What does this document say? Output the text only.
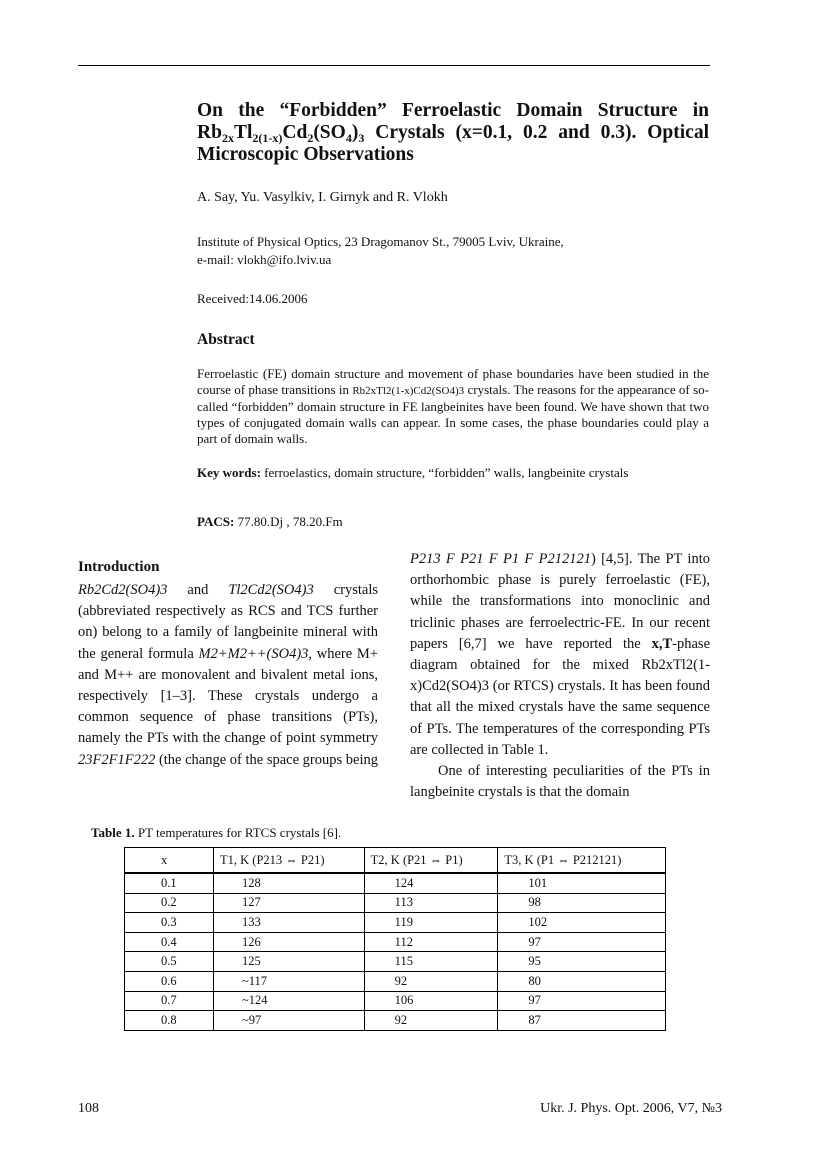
On the “Forbidden” Ferroelastic Domain Structure in $Rb_{2x}Tl_{2(1-x)}Cd_2(SO_4)_3$ Crystals (x=0.1, 0.2 and 0.3). Optical Microscopic Observations
A. Say, Yu. Vasylkiv, I. Girnyk and R. Vlokh
Institute of Physical Optics, 23 Dragomanov St., 79005 Lviv, Ukraine,
e-mail: vlokh@ifo.lviv.ua
Received:14.06.2006
Abstract
Ferroelastic (FE) domain structure and movement of phase boundaries have been studied in the course of phase transitions in Rb2xTl2(1-x)Cd2(SO4)3 crystals. The reasons for the appearance of so-called “forbidden” domain structure in FE langbeinites have been found. We have shown that two types of conjugated domain walls can appear. In some cases, the phase boundaries could play a part of domain walls.
Key words: ferroelastics, domain structure, “forbidden” walls, langbeinite crystals
PACS: 77.80.Dj , 78.20.Fm
Introduction
Rb2Cd2(SO4)3 and Tl2Cd2(SO4)3 crystals (abbreviated respectively as RCS and TCS further on) belong to a family of langbeinite mineral with the general formula M2+M2++(SO4)3, where M+ and M++ are monovalent and bivalent metal ions, respectively [1–3]. These crystals undergo a common sequence of phase transitions (PTs), namely the PTs with the change of point symmetry 23F2F1F222 (the change of the space groups being
P213 F P21 F P1 F P212121) [4,5]. The PT into orthorhombic phase is purely ferroelastic (FE), while the transformations into monoclinic and triclinic phases are ferroelectric-FE. In our recent papers [6,7] we have reported the x,T-phase diagram obtained for the mixed Rb2xTl2(1-x)Cd2(SO4)3 (or RTCS) crystals. It has been found that all the mixed crystals have the same sequence of PTs. The temperatures of the corresponding PTs are collected in Table 1.
One of interesting peculiarities of the PTs in langbeinite crystals is that the domain
Table 1. PT temperatures for RTCS crystals [6].
x	T1, K (P213 ⇔ P21)	T2, K (P21 ⇔ P1)	T3, K (P1 ⇔ P212121)
0.1	128	124	101
0.2	127	113	98
0.3	133	119	102
0.4	126	112	97
0.5	125	115	95
0.6	~117	92	80
0.7	~124	106	97
0.8	~97	92	87
108	Ukr. J. Phys. Opt. 2006, V7, №3
